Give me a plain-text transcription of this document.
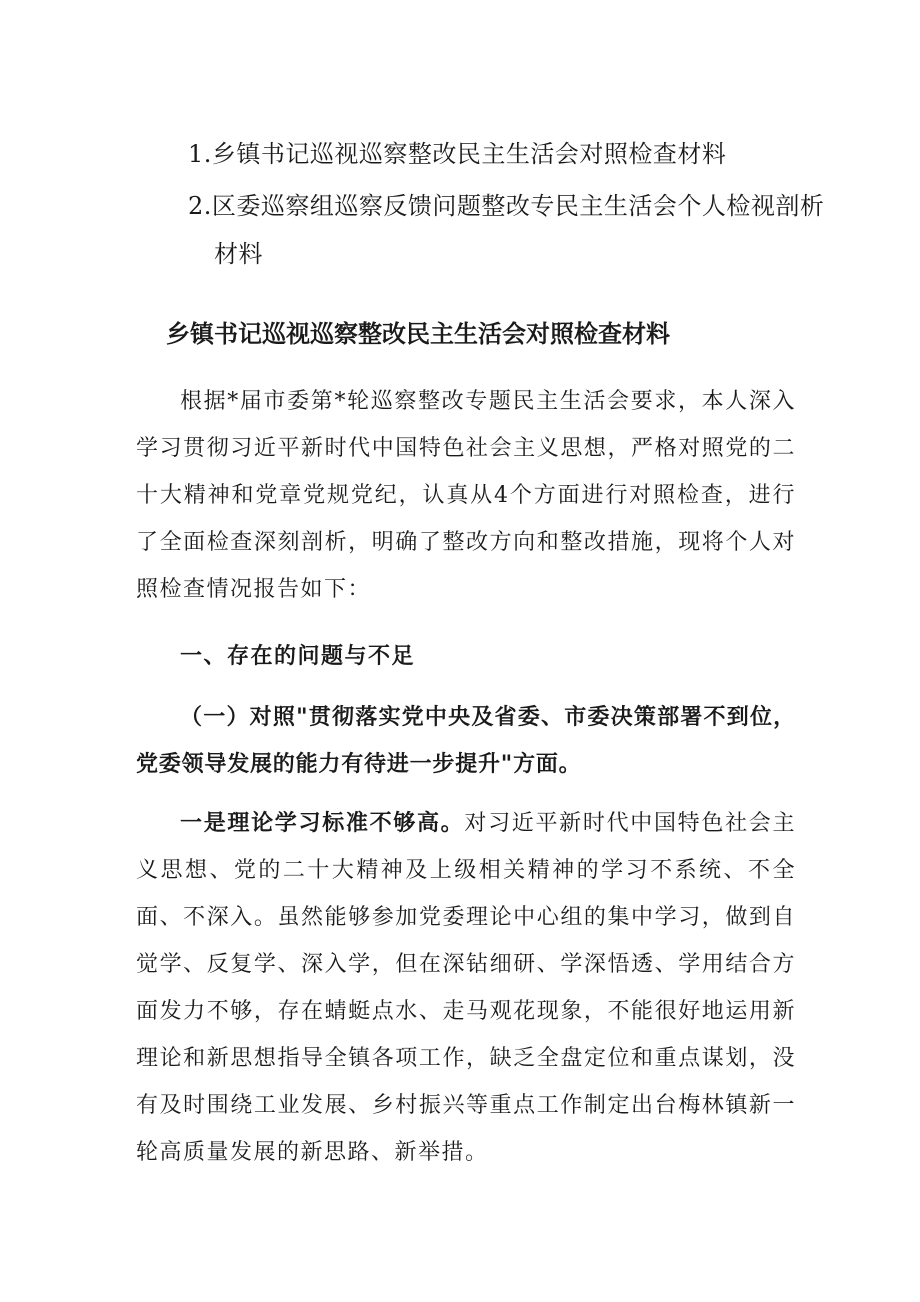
1.乡镇书记巡视巡察整改民主生活会对照检查材料

2.区委巡察组巡察反馈问题整改专民主生活会个人检视剖析

材料

乡镇书记巡视巡察整改民主生活会对照检查材料

根据*届市委第*轮巡察整改专题民主生活会要求，本人深入学习贯彻习近平新时代中国特色社会主义思想，严格对照党的二十大精神和党章党规党纪，认真从4个方面进行对照检查，进行了全面检查深刻剖析，明确了整改方向和整改措施，现将个人对照检查情况报告如下：

一、存在的问题与不足

（一）对照"贯彻落实党中央及省委、市委决策部署不到位，党委领导发展的能力有待进一步提升"方面。

一是理论学习标准不够高。对习近平新时代中国特色社会主义思想、党的二十大精神及上级相关精神的学习不系统、不全面、不深入。虽然能够参加党委理论中心组的集中学习，做到自觉学、反复学、深入学，但在深钻细研、学深悟透、学用结合方面发力不够，存在蜻蜓点水、走马观花现象，不能很好地运用新理论和新思想指导全镇各项工作，缺乏全盘定位和重点谋划，没有及时围绕工业发展、乡村振兴等重点工作制定出台梅林镇新一轮高质量发展的新思路、新举措。
